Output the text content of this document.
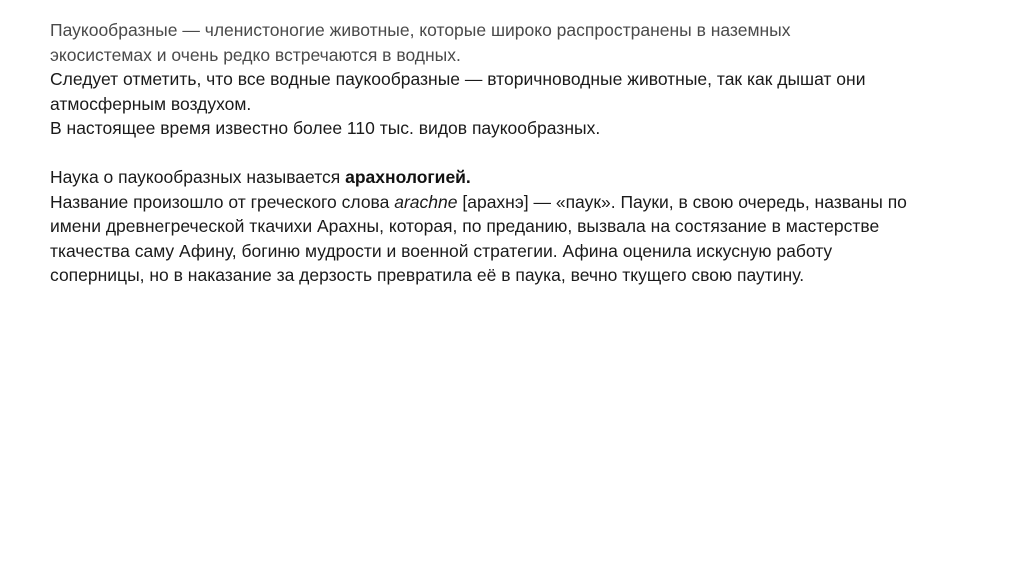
Паукообразные — членистоногие животные, которые широко распространены в наземных
экосистемах и очень редко встречаются в водных.
Следует отметить, что все водные паукообразные — вторичноводные животные, так как дышат они
атмосферным воздухом.
В настоящее время известно более 110 тыс. видов паукообразных.
Наука о паукообразных называется арахнологией.
Название произошло от греческого слова arachne [арахнэ] — «паук». Пауки, в свою очередь, названы по
имени древнегреческой ткачихи Арахны, которая, по преданию, вызвала на состязание в мастерстве
ткачества саму Афину, богиню мудрости и военной стратегии. Афина оценила искусную работу
соперницы, но в наказание за дерзость превратила её в паука, вечно ткущего свою паутину.
